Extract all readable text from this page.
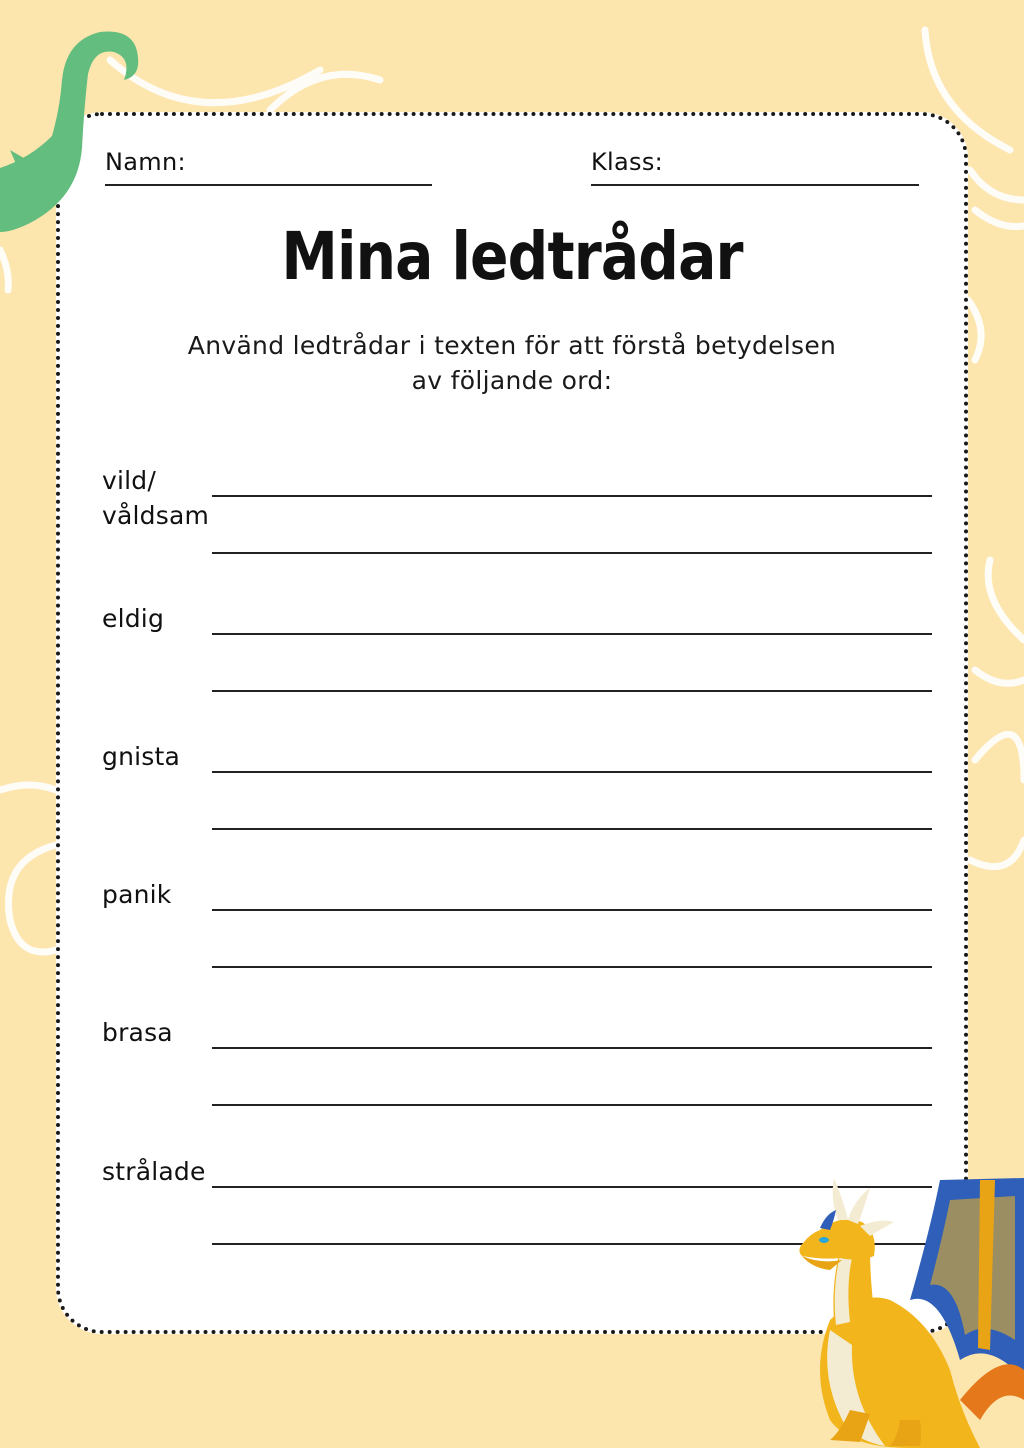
Namn:	Klass:
Mina ledtrådar
Använd ledtrådar i texten för att förstå betydelsen
av följande ord:
vild/
våldsam
eldig
gnista
panik
brasa
strålade
